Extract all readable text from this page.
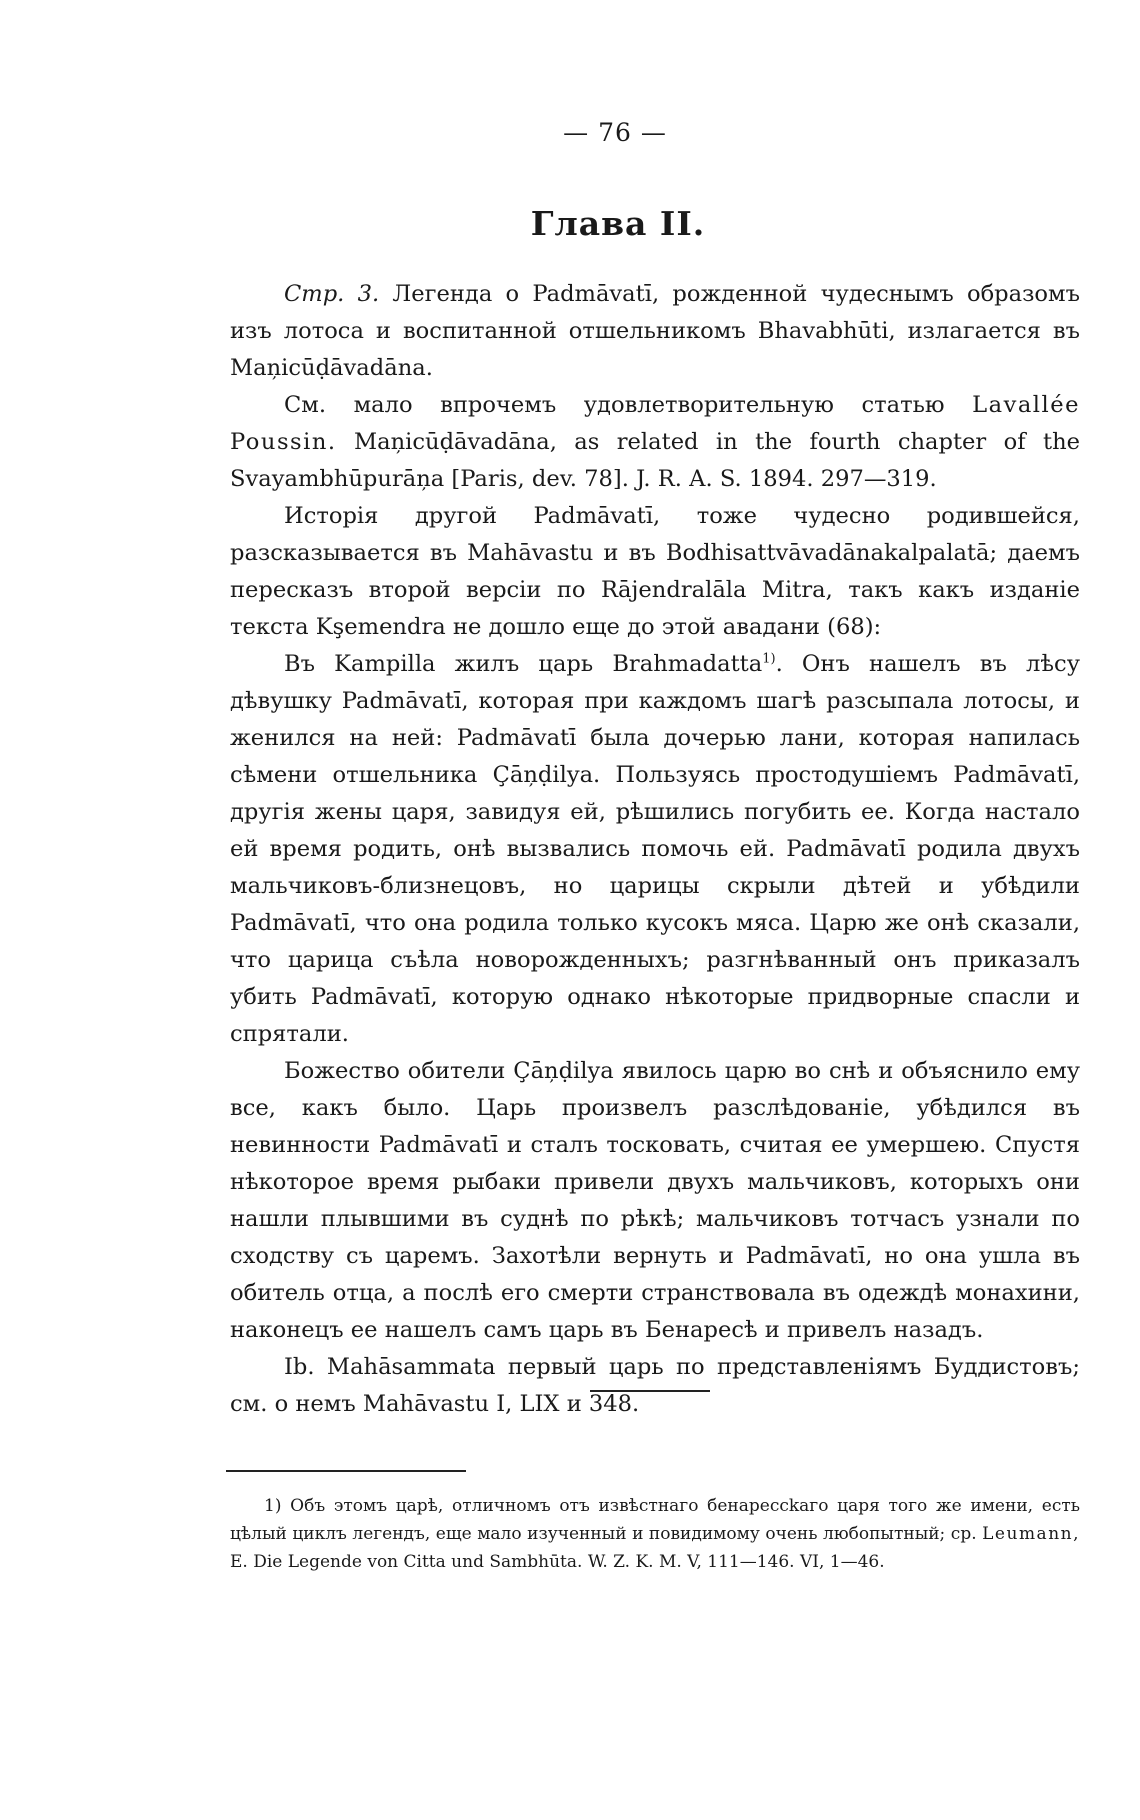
— 76 —
Глава II.

Стр. 3. Легенда о Padmāvatī, рожденной чудеснымъ образомъ изъ лотоса и воспитанной отшельникомъ Bhavabhūti, излагается въ Maņicūḍāvadāna.

См. мало впрочемъ удовлетворительную статью Lavallée Poussin. Maņicūḍāvadāna, as related in the fourth chapter of the Svayambhūpurāņa [Paris, dev. 78]. J. R. A. S. 1894. 297—319.

Исторія другой Padmāvatī, тоже чудесно родившейся, разсказывается въ Mahāvastu и въ Bodhisattvāvadānakalpalatā; даемъ пересказъ второй версіи по Rājendralāla Mitra, такъ какъ изданіе текста Kşemendra не дошло еще до этой авадани (68):

Въ Kampilla жилъ царь Brahmadatta$^{1)}$. Онъ нашелъ въ лѣсу дѣвушку Padmāvatī, которая при каждомъ шагѣ разсыпала лотосы, и женился на ней: Padmāvatī была дочерью лани, которая напилась сѣмени отшельника Çāņḍilya. Пользуясь простодушіемъ Padmāvatī, другія жены царя, завидуя ей, рѣшились погубить ее. Когда настало ей время родить, онѣ вызвались помочь ей. Padmāvatī родила двухъ мальчиковъ-близнецовъ, но царицы скрыли дѣтей и убѣдили Padmāvatī, что она родила только кусокъ мяса. Царю же онѣ сказали, что царица съѣла новорожденныхъ; разгнѣванный онъ приказалъ убить Padmāvatī, которую однако нѣкоторые придворные спасли и спрятали.

Божество обители Çāņḍilya явилось царю во снѣ и объяснило ему все, какъ было. Царь произвелъ разслѣдованіе, убѣдился въ невинности Padmāvatī и сталъ тосковать, считая ее умершею. Спустя нѣкоторое время рыбаки привели двухъ мальчиковъ, которыхъ они нашли плывшими въ суднѣ по рѣкѣ; мальчиковъ тотчасъ узнали по сходству съ царемъ. Захотѣли вернуть и Padmāvatī, но она ушла въ обитель отца, а послѣ его смерти странствовала въ одеждѣ монахини, наконецъ ее нашелъ самъ царь въ Бенаресѣ и привелъ назадъ.

Ib. Mahāsammata первый царь по представленіямъ Буддистовъ; см. о немъ Mahāvastu I, LIX и 348.

1) Объ этомъ царѣ, отличномъ отъ извѣстнаго бенарессkаго царя того же имени, есть цѣлый циклъ легендъ, еще мало изученный и повидимому очень любопытный; ср. Leumann, E. Die Legende von Citta und Sambhūta. W. Z. K. M. V, 111—146. VI, 1—46.
